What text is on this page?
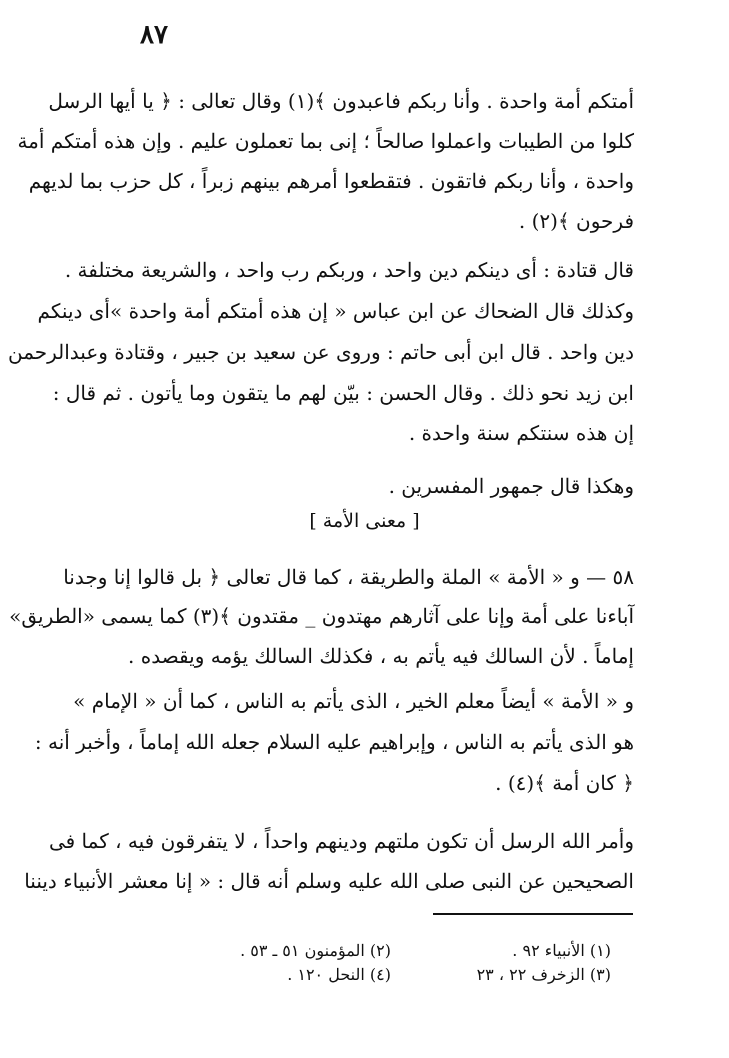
٨٧
أمتكم أمة واحدة . وأنا ربكم فاعبدون ﴾(١) وقال تعالى : ﴿ يا أيها الرسل
كلوا من الطيبات واعملوا صالحاً ؛ إنى بما تعملون عليم . وإن هذه أمتكم أمة
واحدة ، وأنا ربكم فاتقون . فتقطعوا أمرهم بينهم زبراً ، كل حزب بما لديهم
فرحون ﴾(٢) .
قال قتادة : أى دينكم دين واحد ، وربكم رب واحد ، والشريعة مختلفة .
وكذلك قال الضحاك عن ابن عباس « إن هذه أمتكم أمة واحدة »أى دينكم
دين واحد . قال ابن أبى حاتم : وروى عن سعيد بن جبير ، وقتادة وعبدالرحمن
ابن زيد نحو ذلك . وقال الحسن : بيّن لهم ما يتقون وما يأتون . ثم قال :
إن هذه سنتكم سنة واحدة .
وهكذا قال جمهور المفسرين .
[ معنى الأمة ]
٥٨ — و « الأمة » الملة والطريقة ، كما قال تعالى ﴿ بل قالوا إنا وجدنا
آباءنا على أمة وإنا على آثارهم مهتدون _ مقتدون ﴾(٣) كما يسمى «الطريق»
إماماً . لأن السالك فيه يأتم به ، فكذلك السالك يؤمه ويقصده .
و « الأمة » أيضاً معلم الخير ، الذى يأتم به الناس ، كما أن « الإمام »
هو الذى يأتم به الناس ، وإبراهيم عليه السلام جعله الله إماماً ، وأخبر أنه :
﴿ كان أمة ﴾(٤) .
وأمر الله الرسل أن تكون ملتهم ودينهم واحداً ، لا يتفرقون فيه ، كما فى
الصحيحين عن النبى صلى الله عليه وسلم أنه قال : « إنا معشر الأنبياء ديننا
(١) الأنبياء ٩٢ .
(٢) المؤمنون ٥١ ـ ٥٣ .
(٣) الزخرف ٢٢ ، ٢٣
(٤) النحل ١٢٠ .
